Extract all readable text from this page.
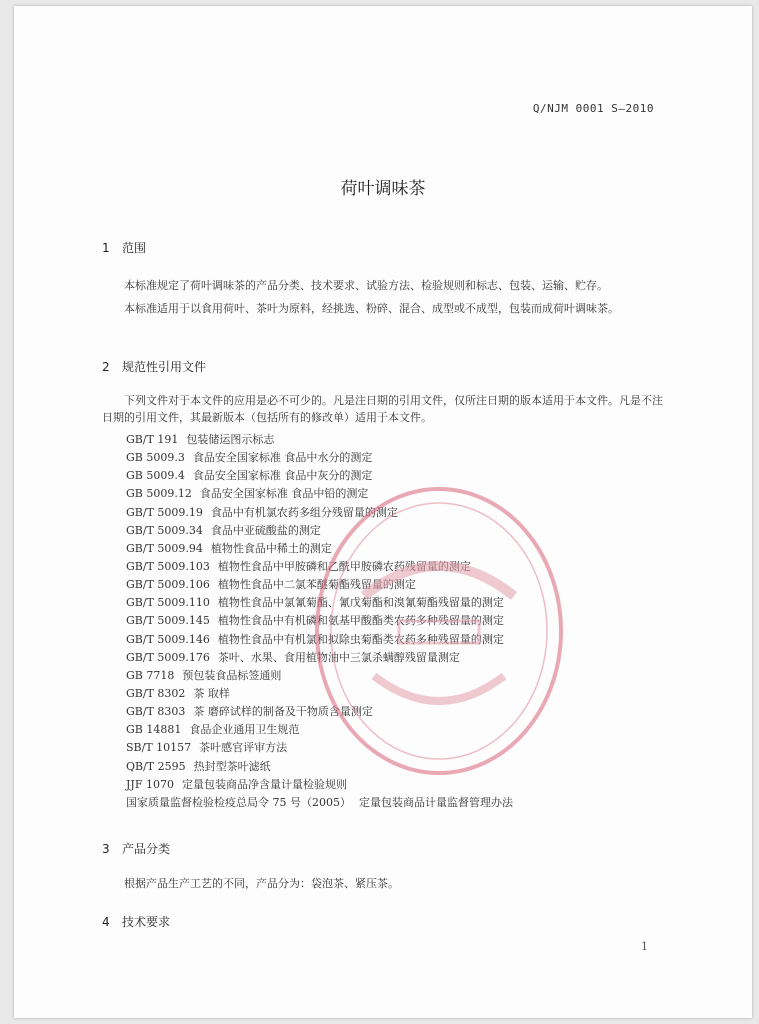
Q/NJM 0001 S—2010
荷叶调味茶
1 范围
本标准规定了荷叶调味茶的产品分类、技术要求、试验方法、检验规则和标志、包装、运输、贮存。
本标准适用于以食用荷叶、茶叶为原料，经挑选、粉碎、混合、成型或不成型，包装而成荷叶调味茶。
2 规范性引用文件
下列文件对于本文件的应用是必不可少的。凡是注日期的引用文件，仅所注日期的版本适用于本文件。凡是不注日期的引用文件，其最新版本（包括所有的修改单）适用于本文件。
GB/T 191 包装储运图示标志
GB 5009.3 食品安全国家标准 食品中水分的测定
GB 5009.4 食品安全国家标准 食品中灰分的测定
GB 5009.12 食品安全国家标准 食品中铅的测定
GB/T 5009.19 食品中有机氯农药多组分残留量的测定
GB/T 5009.34 食品中亚硫酸盐的测定
GB/T 5009.94 植物性食品中稀土的测定
GB/T 5009.103 植物性食品中甲胺磷和乙酰甲胺磷农药残留量的测定
GB/T 5009.106 植物性食品中二氯苯醚菊酯残留量的测定
GB/T 5009.110 植物性食品中氯氰菊酯、氰戊菊酯和溴氰菊酯残留量的测定
GB/T 5009.145 植物性食品中有机磷和氨基甲酸酯类农药多种残留量的测定
GB/T 5009.146 植物性食品中有机氯和拟除虫菊酯类农药多种残留量的测定
GB/T 5009.176 茶叶、水果、食用植物油中三氯杀螨醇残留量测定
GB 7718 预包装食品标签通则
GB/T 8302 茶 取样
GB/T 8303 茶 磨碎试样的制备及干物质含量测定
GB 14881 食品企业通用卫生规范
SB/T 10157 茶叶感官评审方法
QB/T 2595 热封型茶叶滤纸
JJF 1070 定量包装商品净含量计量检验规则
国家质量监督检验检疫总局令 75 号（2005） 定量包装商品计量监督管理办法
3 产品分类
根据产品生产工艺的不同，产品分为：袋泡茶、紧压茶。
4 技术要求
1
